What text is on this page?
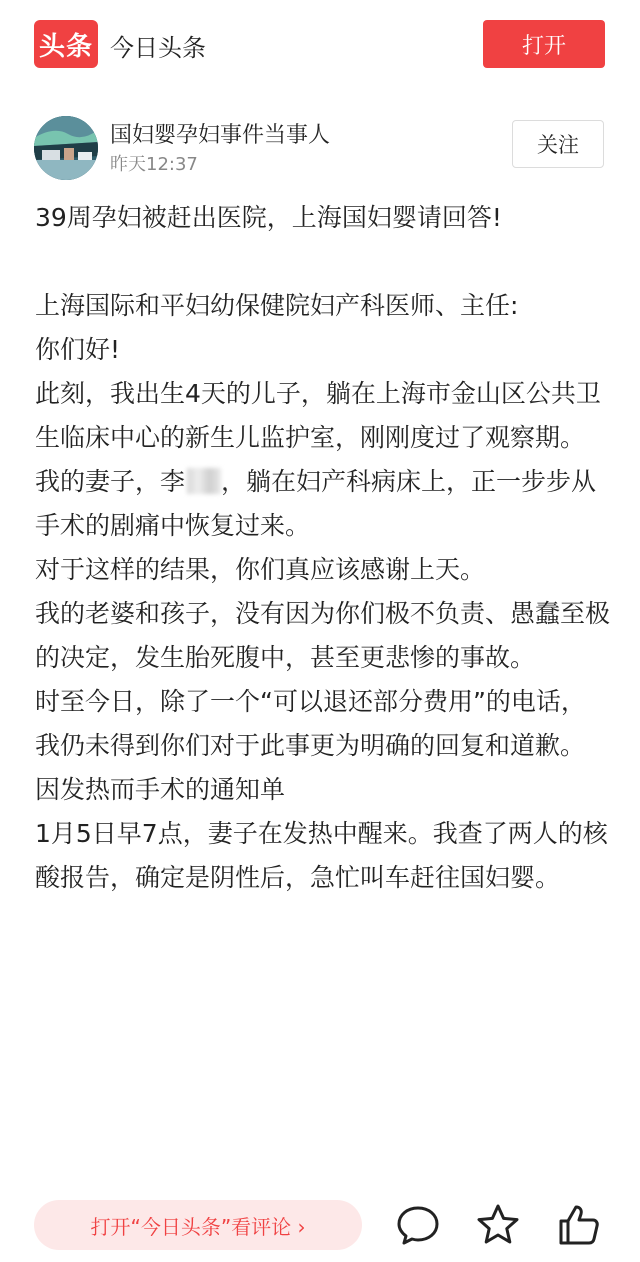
头条 今日头条	打开
国妇婴孕妇事件当事人
昨天12:37
关注

39周孕妇被赶出医院，上海国妇婴请回答!

上海国际和平妇幼保健院妇产科医师、主任:

你们好!

此刻，我出生4天的儿子，躺在上海市金山区公共卫生临床中心的新生儿监护室，刚刚度过了观察期。

我的妻子，李 ，躺在妇产科病床上，正一步步从手术的剧痛中恢复过来。

对于这样的结果，你们真应该感谢上天。

我的老婆和孩子，没有因为你们极不负责、愚蠢至极的决定，发生胎死腹中，甚至更悲惨的事故。

时至今日，除了一个“可以退还部分费用”的电话，我仍未得到你们对于此事更为明确的回复和道歉。

因发热而手术的通知单

1月5日早7点，妻子在发热中醒来。我查了两人的核酸报告，确定是阴性后，急忙叫车赶往国妇婴。

打开“今日头条”看评论 ›
